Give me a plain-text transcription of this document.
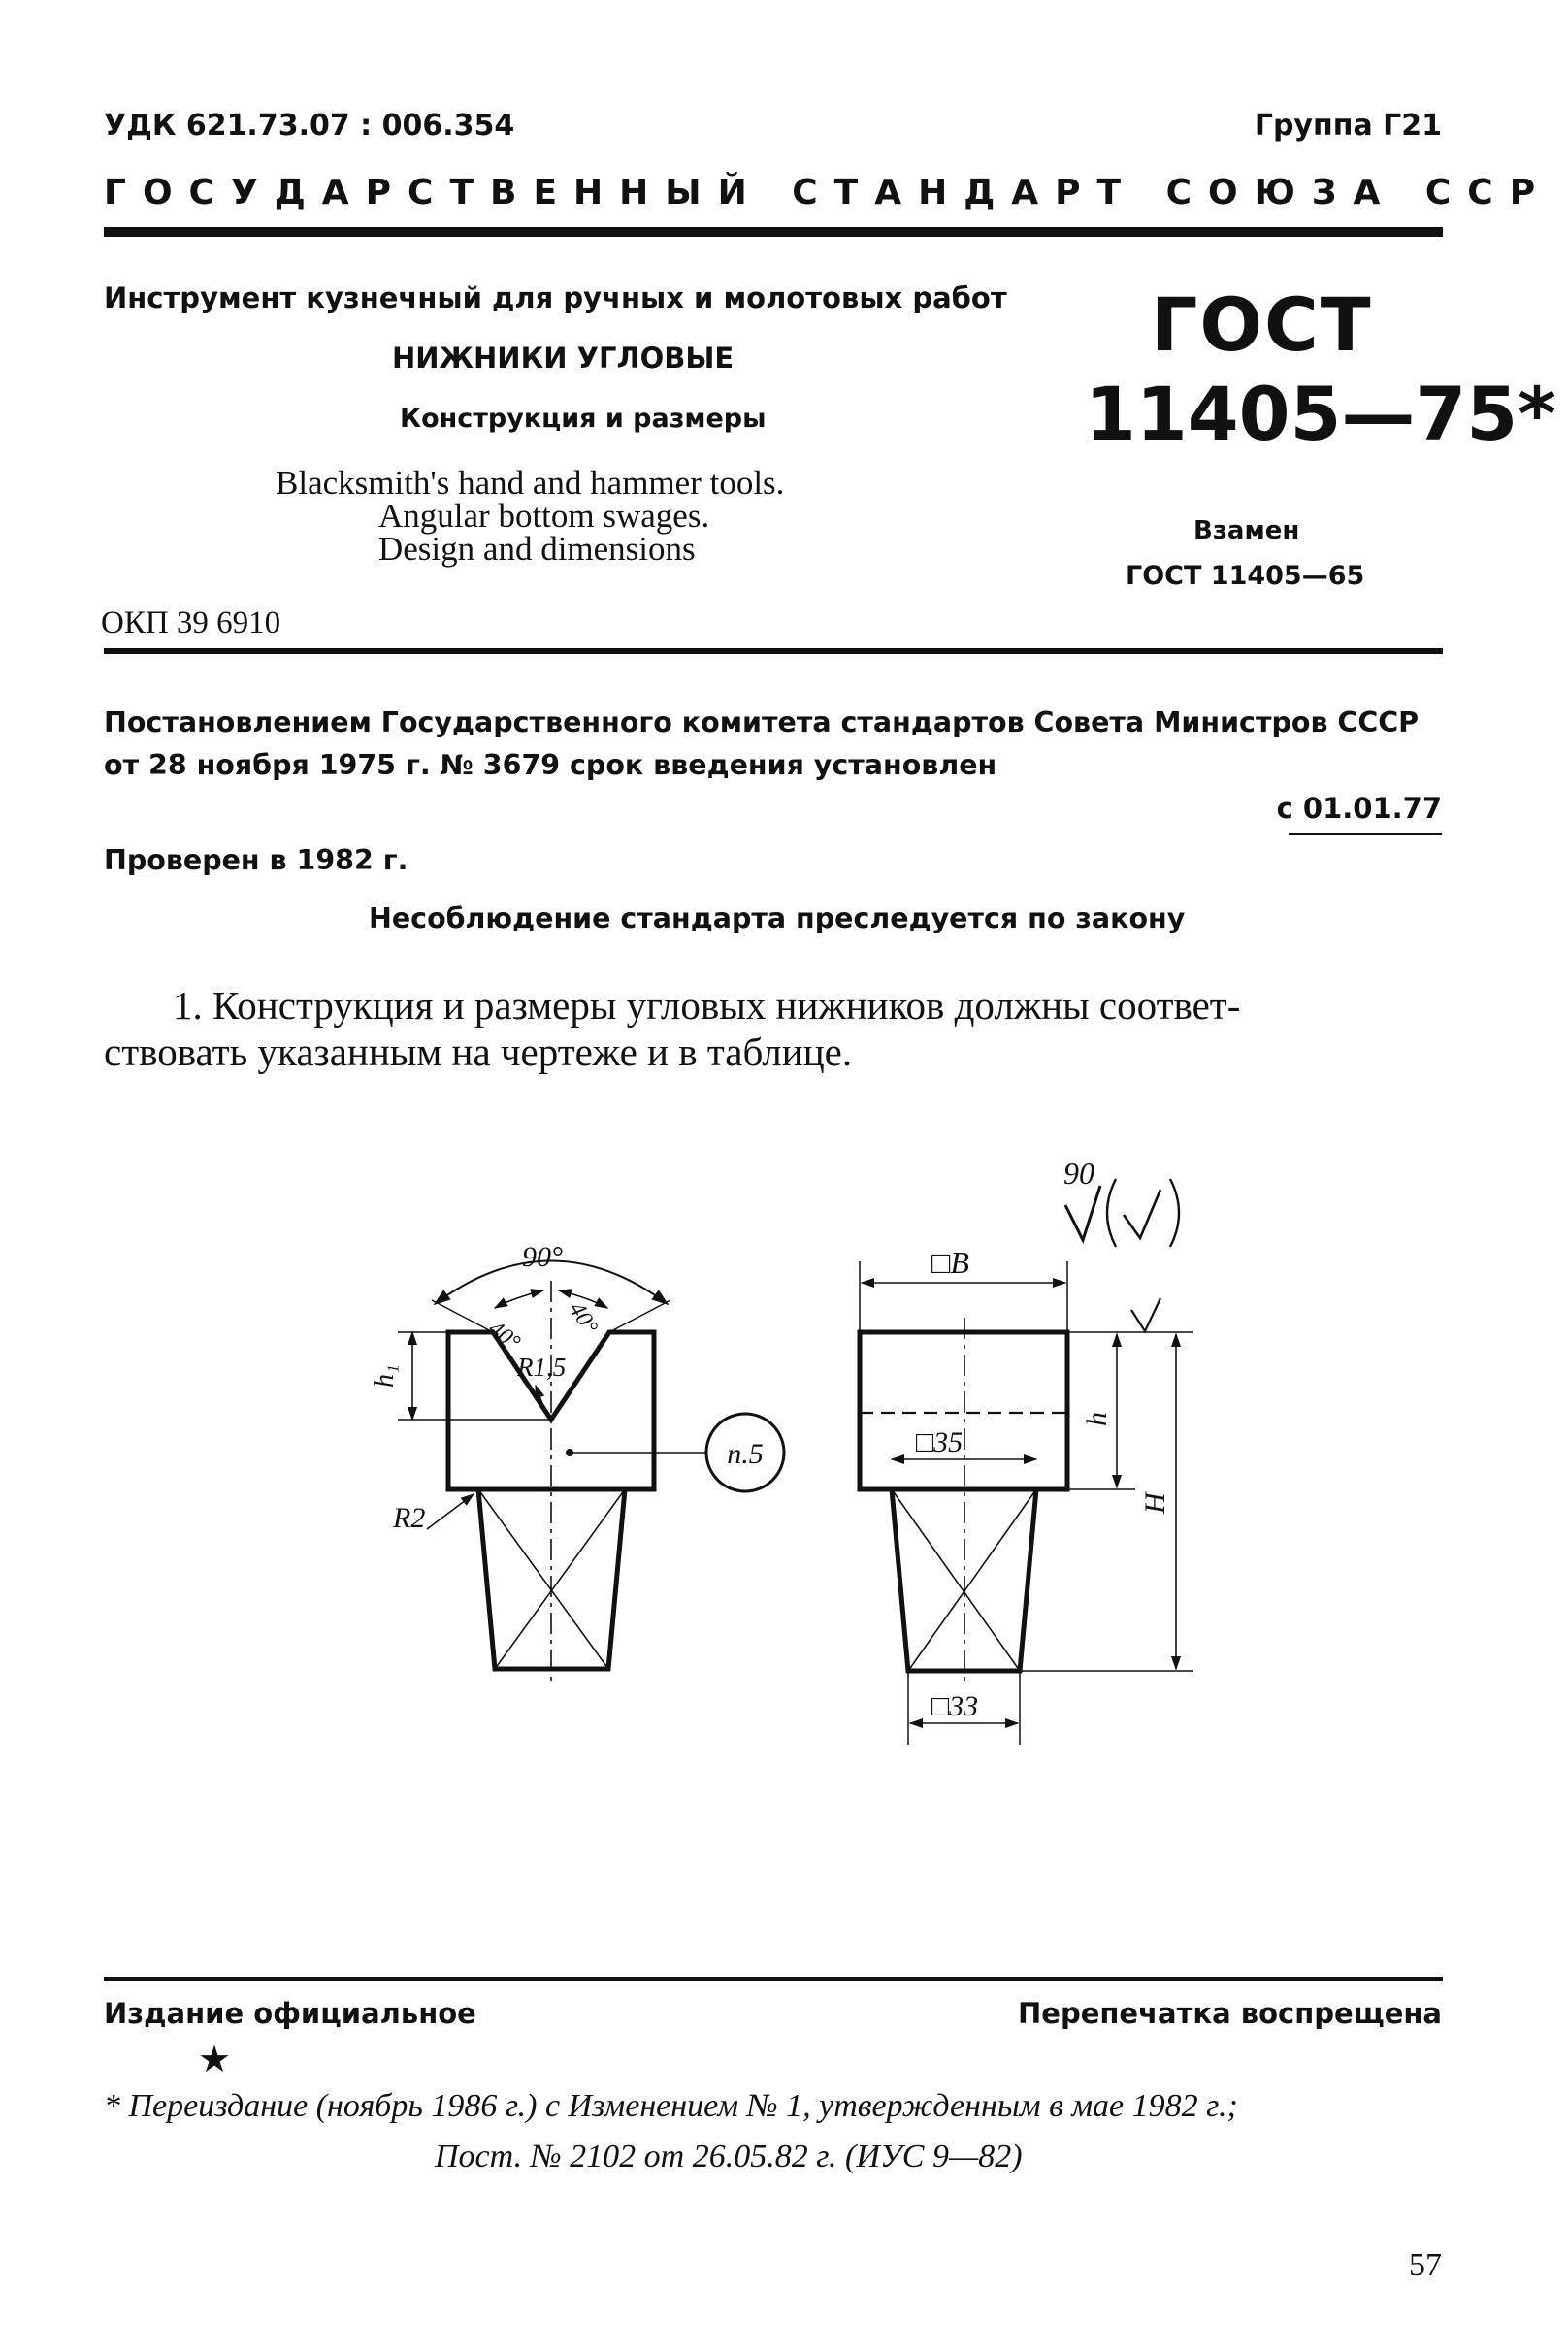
УДК 621.73.07 : 006.354	Группа Г21
ГОСУДАРСТВЕННЫЙ СТАНДАРТ СОЮЗА ССР
Инструмент кузнечный для ручных и молотовых работ
НИЖНИКИ УГЛОВЫЕ
Конструкция и размеры
Blacksmith's hand and hammer tools.
Angular bottom swages.
Design and dimensions
ГОСТ
11405—75*
Взамен
ГОСТ 11405—65
ОКП 39 6910
Постановлением Государственного комитета стандартов Совета Министров СССР
от 28 ноября 1975 г. № 3679 срок введения установлен
с 01.01.77
Проверен в 1982 г.
Несоблюдение стандарта преследуется по закону
1. Конструкция и размеры угловых нижников должны соответ-
ствовать указанным на чертеже и в таблице.
90°
40° 40°
R1,5
h₁
R2
п.5
90
□B
□35
□33
h
H
Издание официальное	Перепечатка воспрещена
★
* Переиздание (ноябрь 1986 г.) с Изменением № 1, утвержденным в мае 1982 г.;
Пост. № 2102 от 26.05.82 г. (ИУС 9—82)
57
